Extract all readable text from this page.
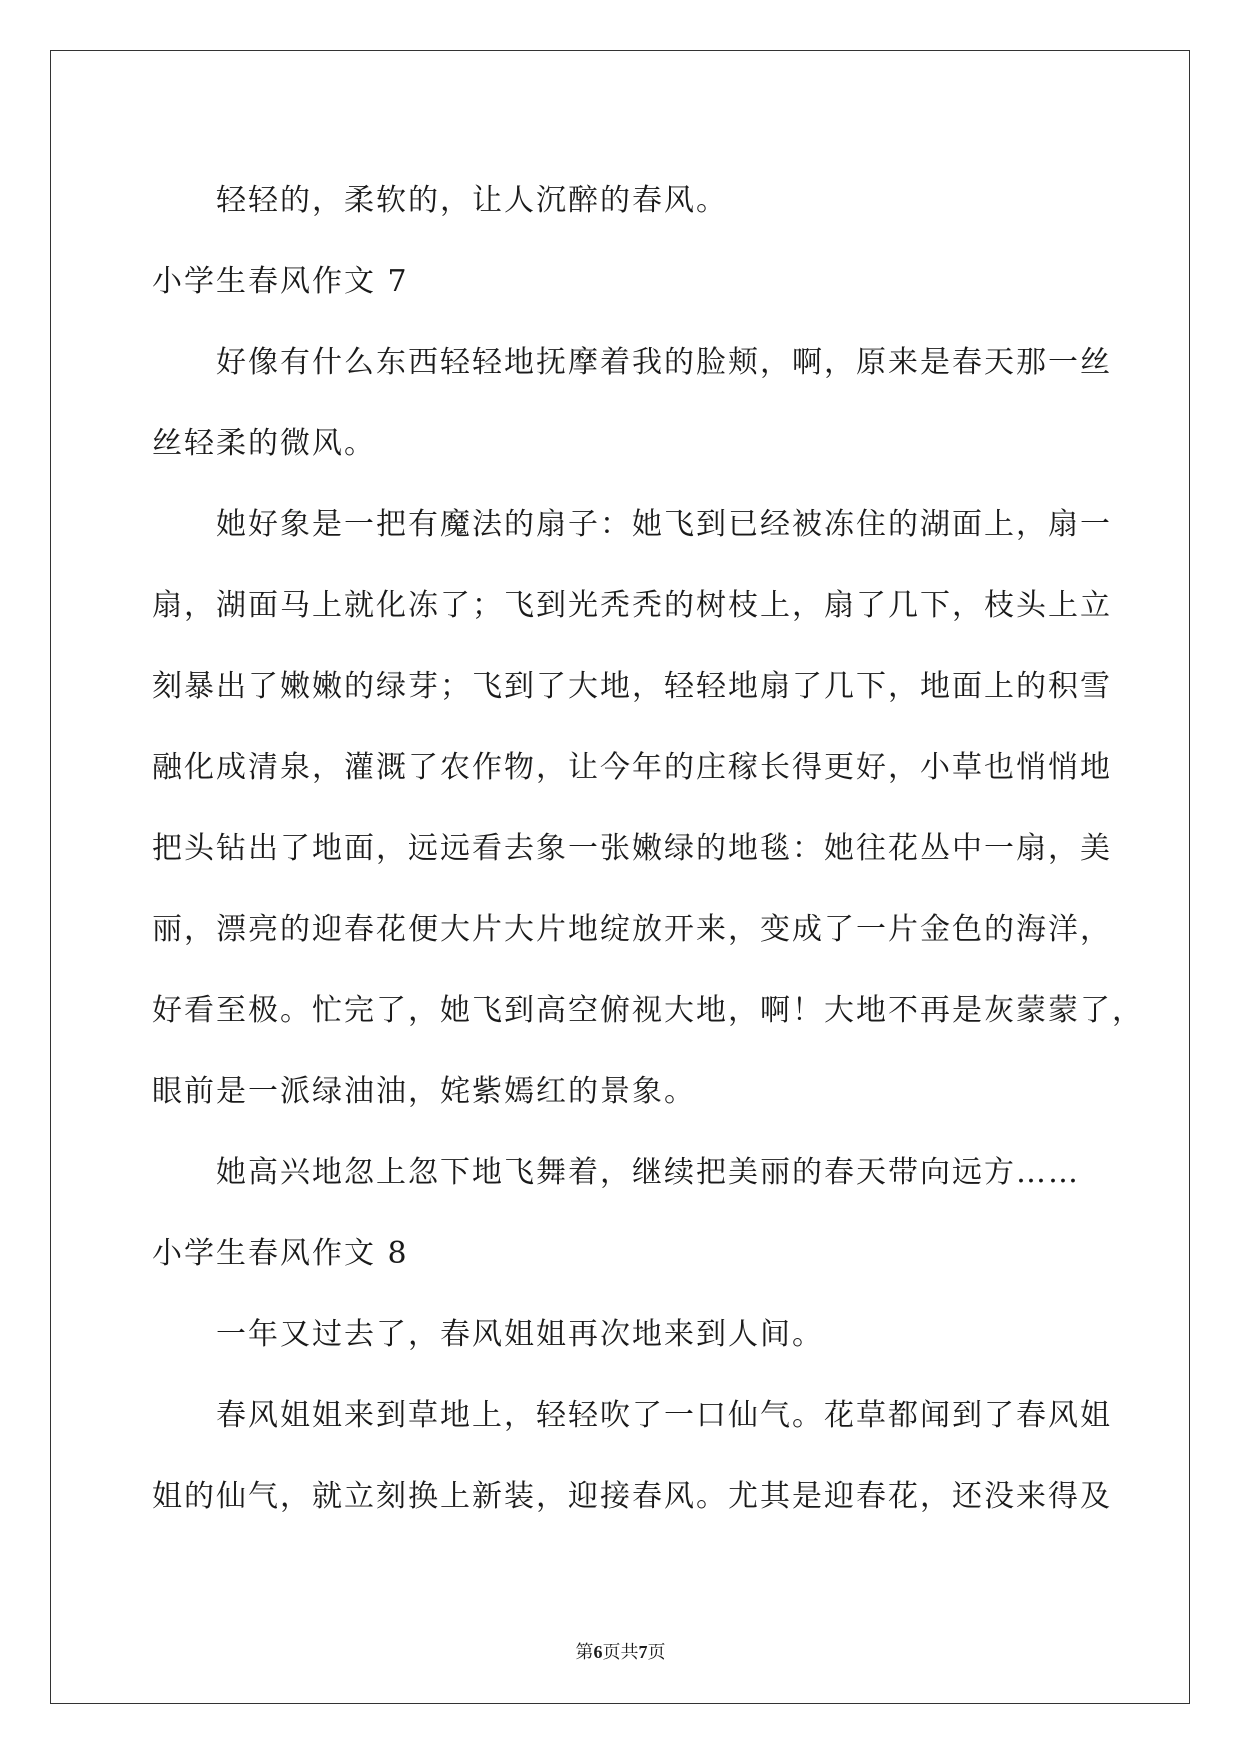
轻轻的，柔软的，让人沉醉的春风。
小学生春风作文 7
好像有什么东西轻轻地抚摩着我的脸颊，啊，原来是春天那一丝
丝轻柔的微风。
她好象是一把有魔法的扇子：她飞到已经被冻住的湖面上，扇一
扇，湖面马上就化冻了；飞到光秃秃的树枝上，扇了几下，枝头上立
刻暴出了嫩嫩的绿芽；飞到了大地，轻轻地扇了几下，地面上的积雪
融化成清泉，灌溉了农作物，让今年的庄稼长得更好，小草也悄悄地
把头钻出了地面，远远看去象一张嫩绿的地毯：她往花丛中一扇，美
丽，漂亮的迎春花便大片大片地绽放开来，变成了一片金色的海洋，
好看至极。忙完了，她飞到高空俯视大地，啊！大地不再是灰蒙蒙了，
眼前是一派绿油油，姹紫嫣红的景象。
她高兴地忽上忽下地飞舞着，继续把美丽的春天带向远方……
小学生春风作文 8
一年又过去了，春风姐姐再次地来到人间。
春风姐姐来到草地上，轻轻吹了一口仙气。花草都闻到了春风姐
姐的仙气，就立刻换上新装，迎接春风。尤其是迎春花，还没来得及
第6页共7页
